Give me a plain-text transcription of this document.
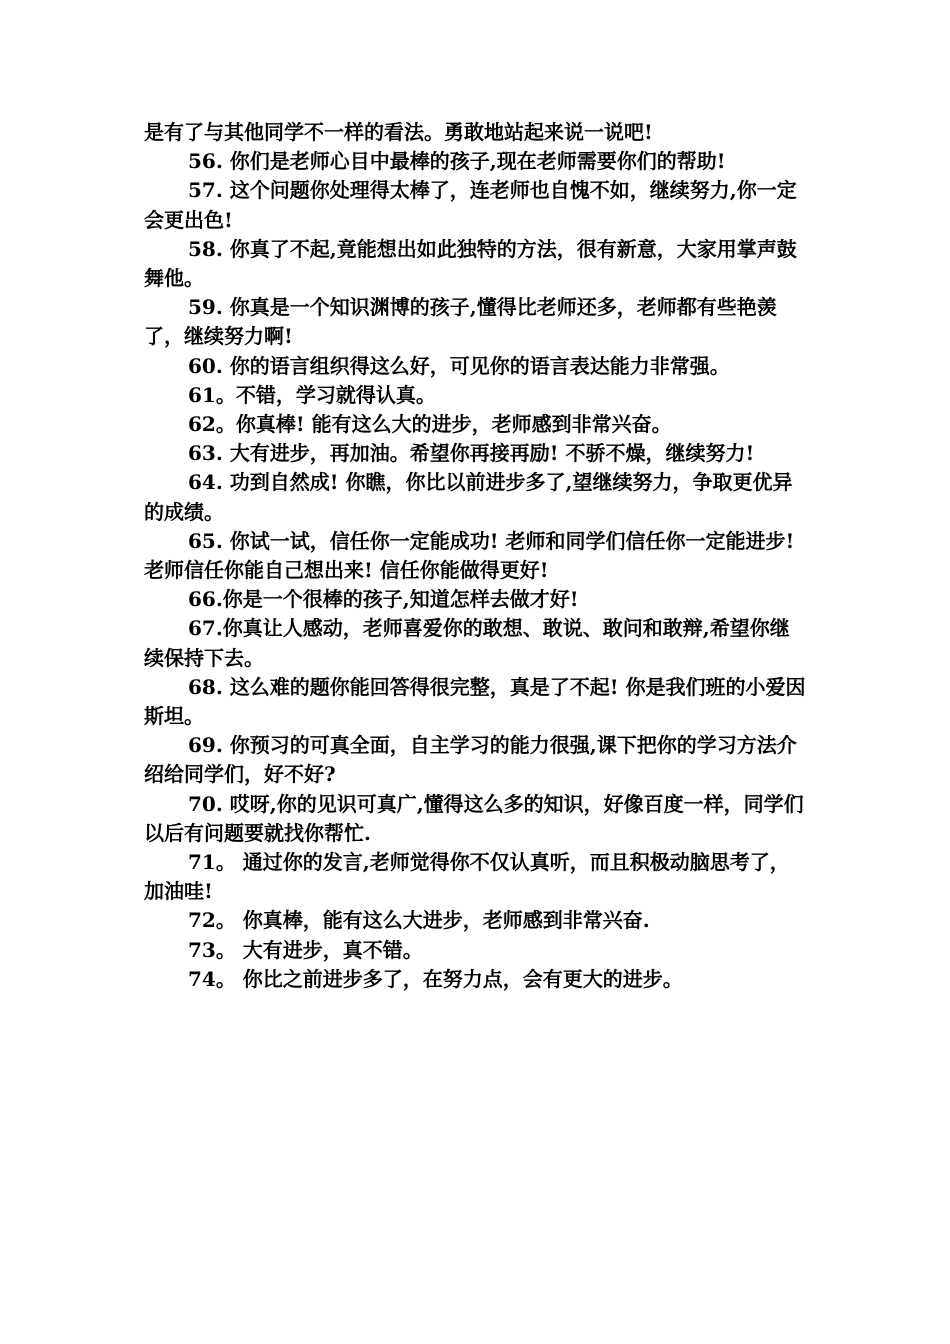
是有了与其他同学不一样的看法。勇敢地站起来说一说吧!

56. 你们是老师心目中最棒的孩子,现在老师需要你们的帮助!

57. 这个问题你处理得太棒了，连老师也自愧不如，继续努力,你一定会更出色!

58. 你真了不起,竟能想出如此独特的方法，很有新意，大家用掌声鼓舞他。

59. 你真是一个知识渊博的孩子,懂得比老师还多，老师都有些艳羡了，继续努力啊!

60. 你的语言组织得这么好，可见你的语言表达能力非常强。

61。不错，学习就得认真。

62。你真棒! 能有这么大的进步，老师感到非常兴奋。

63. 大有进步，再加油。希望你再接再励! 不骄不燥，继续努力!

64. 功到自然成! 你瞧，你比以前进步多了,望继续努力，争取更优异的成绩。

65. 你试一试，信任你一定能成功! 老师和同学们信任你一定能进步!老师信任你能自己想出来! 信任你能做得更好!

66.你是一个很棒的孩子,知道怎样去做才好!

67.你真让人感动，老师喜爱你的敢想、敢说、敢问和敢辩,希望你继续保持下去。

68. 这么难的题你能回答得很完整，真是了不起! 你是我们班的小爱因斯坦。

69. 你预习的可真全面，自主学习的能力很强,课下把你的学习方法介绍给同学们，好不好?

70. 哎呀,你的见识可真广,懂得这么多的知识，好像百度一样，同学们以后有问题要就找你帮忙.

71。 通过你的发言,老师觉得你不仅认真听，而且积极动脑思考了，加油哇!

72。 你真棒，能有这么大进步，老师感到非常兴奋.

73。 大有进步，真不错。

74。 你比之前进步多了，在努力点，会有更大的进步。
